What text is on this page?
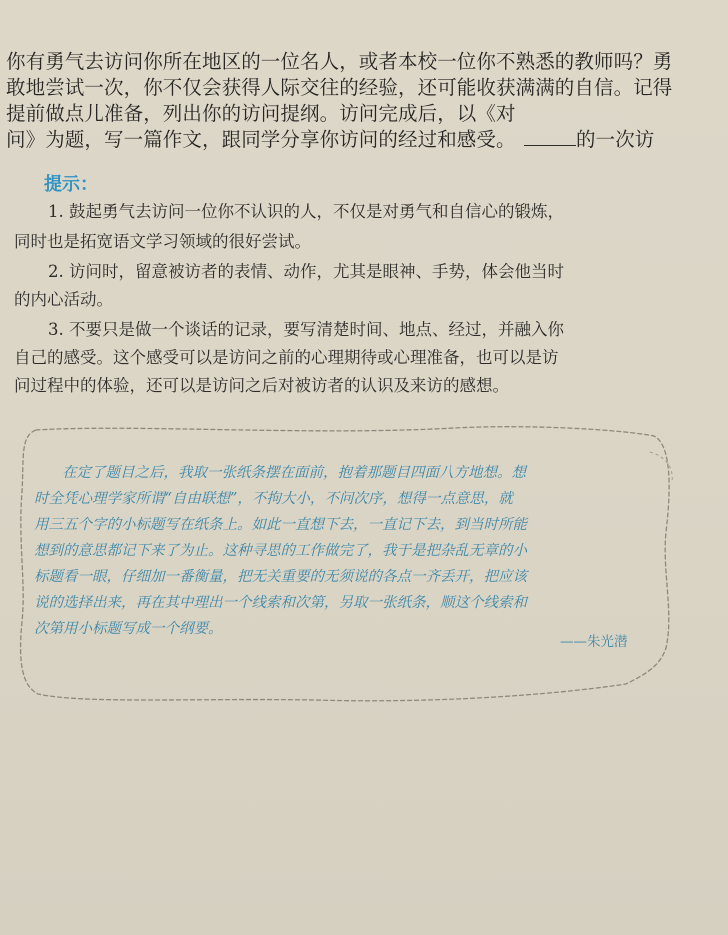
你有勇气去访问你所在地区的一位名人，或者本校一位你不熟悉的教师吗？勇
敢地尝试一次，你不仅会获得人际交往的经验，还可能收获满满的自信。记得
提前做点儿准备，列出你的访问提纲。访问完成后，以《对
问》为题，写一篇作文，跟同学分享你访问的经过和感受。	的一次访
提示：
1. 鼓起勇气去访问一位你不认识的人，不仅是对勇气和自信心的锻炼，
同时也是拓宽语文学习领域的很好尝试。
2. 访问时，留意被访者的表情、动作，尤其是眼神、手势，体会他当时
的内心活动。
3. 不要只是做一个谈话的记录，要写清楚时间、地点、经过，并融入你
自己的感受。这个感受可以是访问之前的心理期待或心理准备，也可以是访
问过程中的体验，还可以是访问之后对被访者的认识及来访的感想。
在定了题目之后，我取一张纸条摆在面前，抱着那题目四面八方地想。想
时全凭心理学家所谓“自由联想”，不拘大小，不问次序，想得一点意思，就
用三五个字的小标题写在纸条上。如此一直想下去，一直记下去，到当时所能
想到的意思都记下来了为止。这种寻思的工作做完了，我于是把杂乱无章的小
标题看一眼，仔细加一番衡量，把无关重要的无须说的各点一齐丢开，把应该
说的选择出来，再在其中理出一个线索和次第，另取一张纸条，顺这个线索和
次第用小标题写成一个纲要。
——朱光潜
